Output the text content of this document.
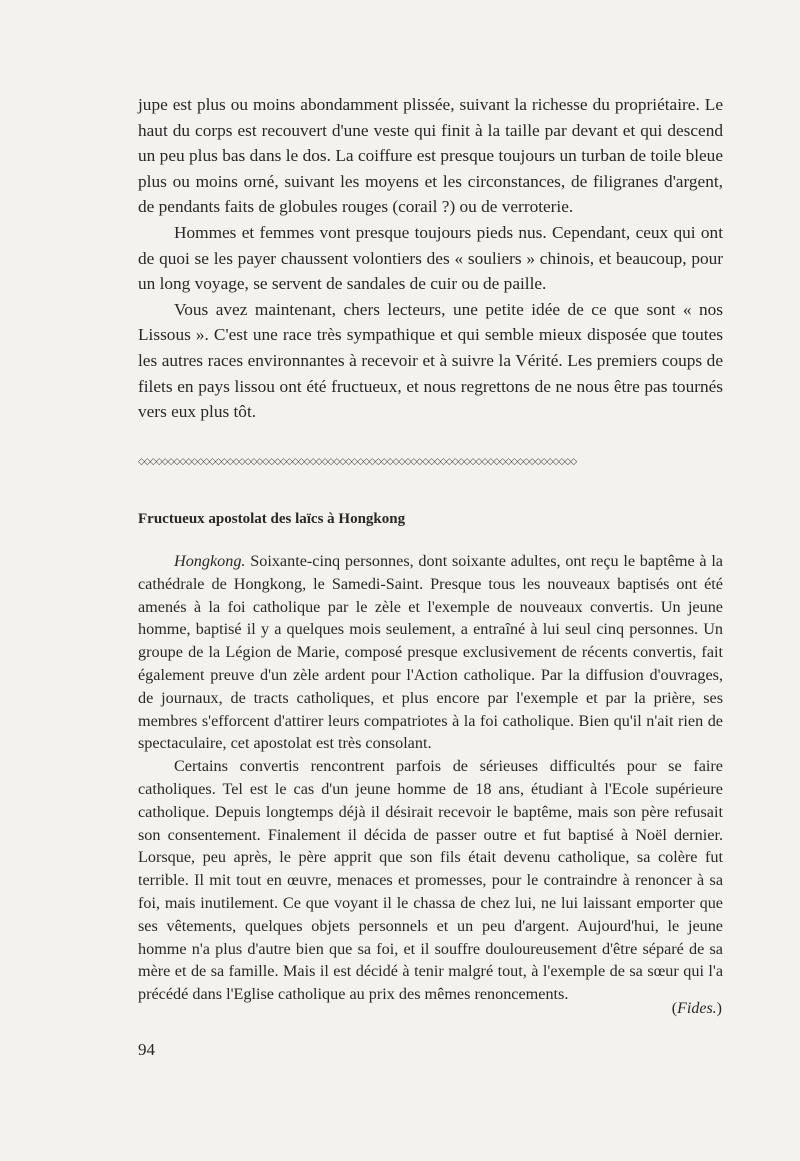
jupe est plus ou moins abondamment plissée, suivant la richesse du propriétaire. Le haut du corps est recouvert d'une veste qui finit à la taille par devant et qui descend un peu plus bas dans le dos. La coiffure est presque toujours un turban de toile bleue plus ou moins orné, suivant les moyens et les circonstances, de filigranes d'argent, de pendants faits de globules rouges (corail ?) ou de verroterie.

Hommes et femmes vont presque toujours pieds nus. Cependant, ceux qui ont de quoi se les payer chaussent volontiers des « souliers » chinois, et beaucoup, pour un long voyage, se servent de sandales de cuir ou de paille.

Vous avez maintenant, chers lecteurs, une petite idée de ce que sont « nos Lissous ». C'est une race très sympathique et qui semble mieux disposée que toutes les autres races environnantes à recevoir et à suivre la Vérité. Les premiers coups de filets en pays lissou ont été fructueux, et nous regrettons de ne nous être pas tournés vers eux plus tôt.

◇◇◇◇◇◇◇◇◇◇◇◇◇◇◇◇◇◇◇◇◇◇◇◇◇◇◇◇◇◇◇◇◇◇◇◇◇◇◇◇◇◇◇◇◇◇◇◇◇◇◇◇◇◇◇◇◇◇◇◇◇◇◇◇◇◇◇◇◇◇◇◇◇◇
Fructueux apostolat des laïcs à Hongkong

Hongkong. Soixante-cinq personnes, dont soixante adultes, ont reçu le baptême à la cathédrale de Hongkong, le Samedi-Saint. Presque tous les nouveaux baptisés ont été amenés à la foi catholique par le zèle et l'exemple de nouveaux convertis. Un jeune homme, baptisé il y a quelques mois seulement, a entraîné à lui seul cinq personnes. Un groupe de la Légion de Marie, composé presque exclusivement de récents convertis, fait également preuve d'un zèle ardent pour l'Action catholique. Par la diffusion d'ouvrages, de journaux, de tracts catholiques, et plus encore par l'exemple et par la prière, ses membres s'efforcent d'attirer leurs compatriotes à la foi catholique. Bien qu'il n'ait rien de spectaculaire, cet apostolat est très consolant.

Certains convertis rencontrent parfois de sérieuses difficultés pour se faire catholiques. Tel est le cas d'un jeune homme de 18 ans, étudiant à l'Ecole supérieure catholique. Depuis longtemps déjà il désirait recevoir le baptême, mais son père refusait son consentement. Finalement il décida de passer outre et fut baptisé à Noël dernier. Lorsque, peu après, le père apprit que son fils était devenu catholique, sa colère fut terrible. Il mit tout en œuvre, menaces et promesses, pour le contraindre à renoncer à sa foi, mais inutilement. Ce que voyant il le chassa de chez lui, ne lui laissant emporter que ses vêtements, quelques objets personnels et un peu d'argent. Aujourd'hui, le jeune homme n'a plus d'autre bien que sa foi, et il souffre douloureusement d'être séparé de sa mère et de sa famille. Mais il est décidé à tenir malgré tout, à l'exemple de sa sœur qui l'a précédé dans l'Eglise catholique au prix des mêmes renoncements.

(Fides.)
94
